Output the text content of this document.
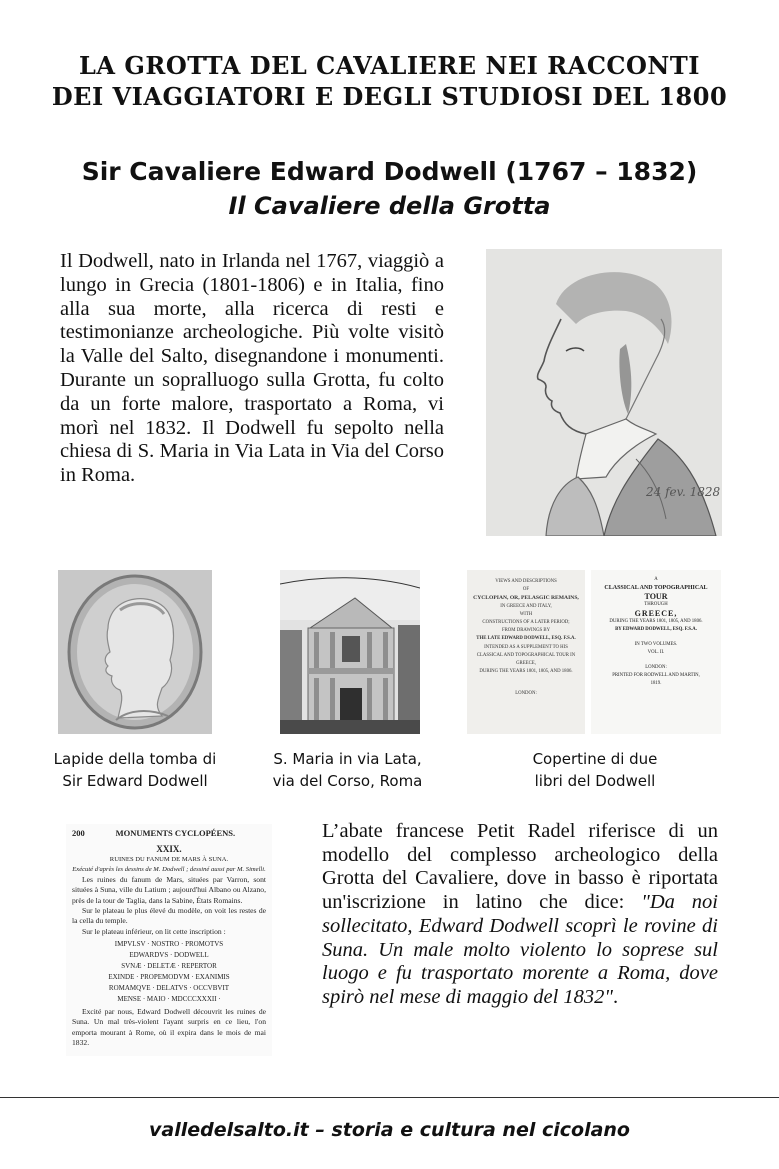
LA GROTTA DEL CAVALIERE NEI RACCONTI
DEI VIAGGIATORI E DEGLI STUDIOSI DEL 1800
Sir Cavaliere Edward Dodwell (1767 – 1832)
Il Cavaliere della Grotta

Il Dodwell, nato in Irlanda nel 1767, viaggiò a lungo in Grecia (1801-1806) e in Italia, fino alla sua morte, alla ricerca di resti e testimonianze archeologiche. Più volte visitò la Valle del Salto, disegnandone i monumenti. Durante un sopralluogo sulla Grotta, fu colto da un forte malore, trasportato a Roma, vi morì nel 1832. Il Dodwell fu sepolto nella chiesa di S. Maria in Via Lata in Via del Corso in Roma.

24 fev. 1828
VIEWS AND DESCRIPTIONS
OF
CYCLOPIAN, OR, PELASGIC REMAINS,
IN GREECE AND ITALY,
WITH
CONSTRUCTIONS OF A LATER PERIOD;
FROM DRAWINGS BY
THE LATE EDWARD DODWELL, ESQ. F.S.A.
INTENDED AS A SUPPLEMENT TO HIS
CLASSICAL AND TOPOGRAPHICAL TOUR IN GREECE,
DURING THE YEARS 1801, 1805, AND 1806.
LONDON:
A
CLASSICAL AND TOPOGRAPHICAL
TOUR
THROUGH
GREECE,
DURING THE YEARS 1801, 1805, AND 1806.
BY EDWARD DODWELL, ESQ. F.S.A.
IN TWO VOLUMES.
VOL. II.
LONDON:
PRINTED FOR RODWELL AND MARTIN,
1819.
Lapide della tomba di
Sir Edward Dodwell
S. Maria in via Lata,
via del Corso, Roma
Copertine di due
libri del Dodwell
200	MONUMENTS CYCLOPÉENS.
XXIX.
RUINES DU FANUM DE MARS À SUNA.
Exécuté d'après les dessins de M. Dodwell ; dessiné aussi par M. Simelli.
Les ruines du fanum de Mars, situées par Varron, sont situées à Suna, ville du Latium ; aujourd'hui Albano ou Alzano, près de la tour de Taglia, dans la Sabine, États Romains.
Sur le plateau le plus élevé du modèle, on voit les restes de la cella du temple.
Sur le plateau inférieur, on lit cette inscription :
IMPVLSV · NOSTRO · PROMOTVS
EDWARDVS · DODWELL
SVNÆ · DELETÆ · REPERTOR
EXINDE · PROPEMODVM · EXANIMIS
ROMAMQVE · DELATVS · OCCVBVIT
MENSE · MAIO · MDCCCXXXII ·
Excité par nous, Edward Dodwell découvrit les ruines de Suna. Un mal très-violent l'ayant surpris en ce lieu, l'on emporta mourant à Rome, où il expira dans le mois de mai 1832.

L’abate francese Petit Radel riferisce di un modello del complesso archeologico della Grotta del Cavaliere, dove in basso è riportata un'iscrizione in latino che dice: "Da noi sollecitato, Edward Dodwell scoprì le rovine di Suna. Un male molto violento lo soprese sul luogo e fu trasportato morente a Roma, dove spirò nel mese di maggio del 1832".

valledelsalto.it – storia e cultura nel cicolano
